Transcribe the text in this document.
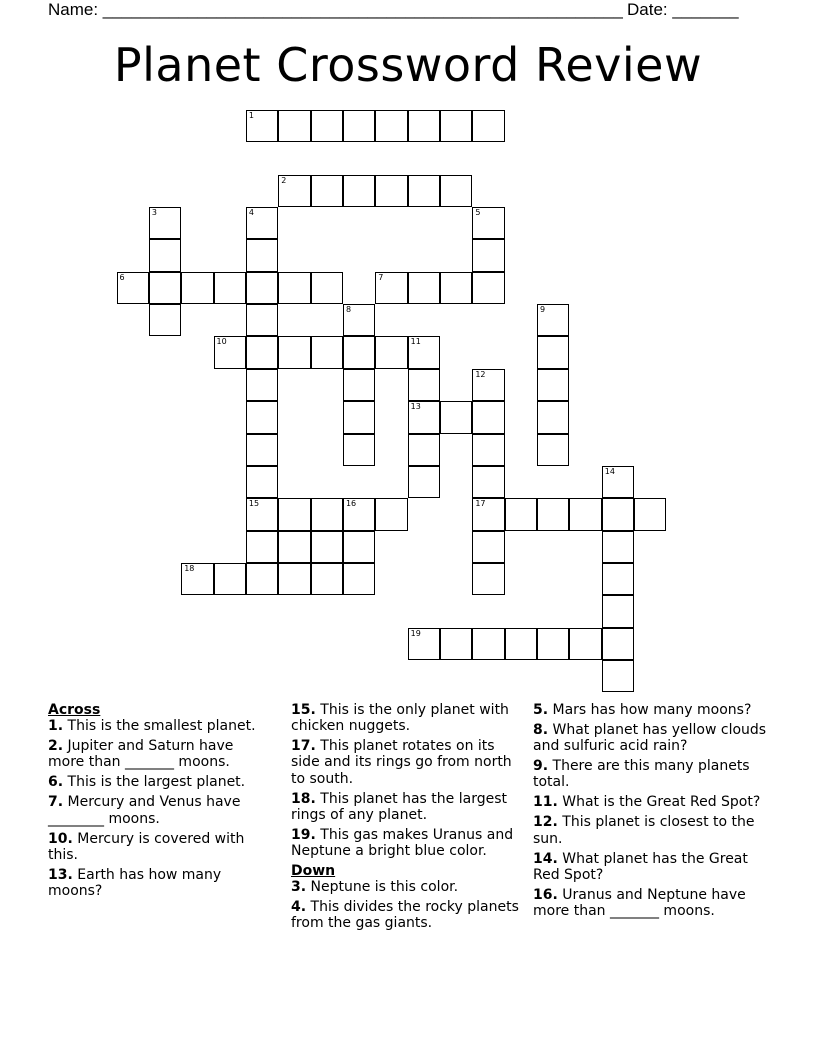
Name: _______________________________________________________ Date: _______
Planet Crossword Review
1
2
3	4	5
6	7
8	9
10	11
12
13
14
15	16	17
18
19
Across
1. This is the smallest planet.
2. Jupiter and Saturn have more than _______ moons.
6. This is the largest planet.
7. Mercury and Venus have ________ moons.
10. Mercury is covered with this.
13. Earth has how many moons?
15. This is the only planet with chicken nuggets.
17. This planet rotates on its side and its rings go from north to south.
18. This planet has the largest rings of any planet.
19. This gas makes Uranus and Neptune a bright blue color.
Down
3. Neptune is this color.
4. This divides the rocky planets from the gas giants.
5. Mars has how many moons?
8. What planet has yellow clouds and sulfuric acid rain?
9. There are this many planets total.
11. What is the Great Red Spot?
12. This planet is closest to the sun.
14. What planet has the Great Red Spot?
16. Uranus and Neptune have more than _______ moons.
